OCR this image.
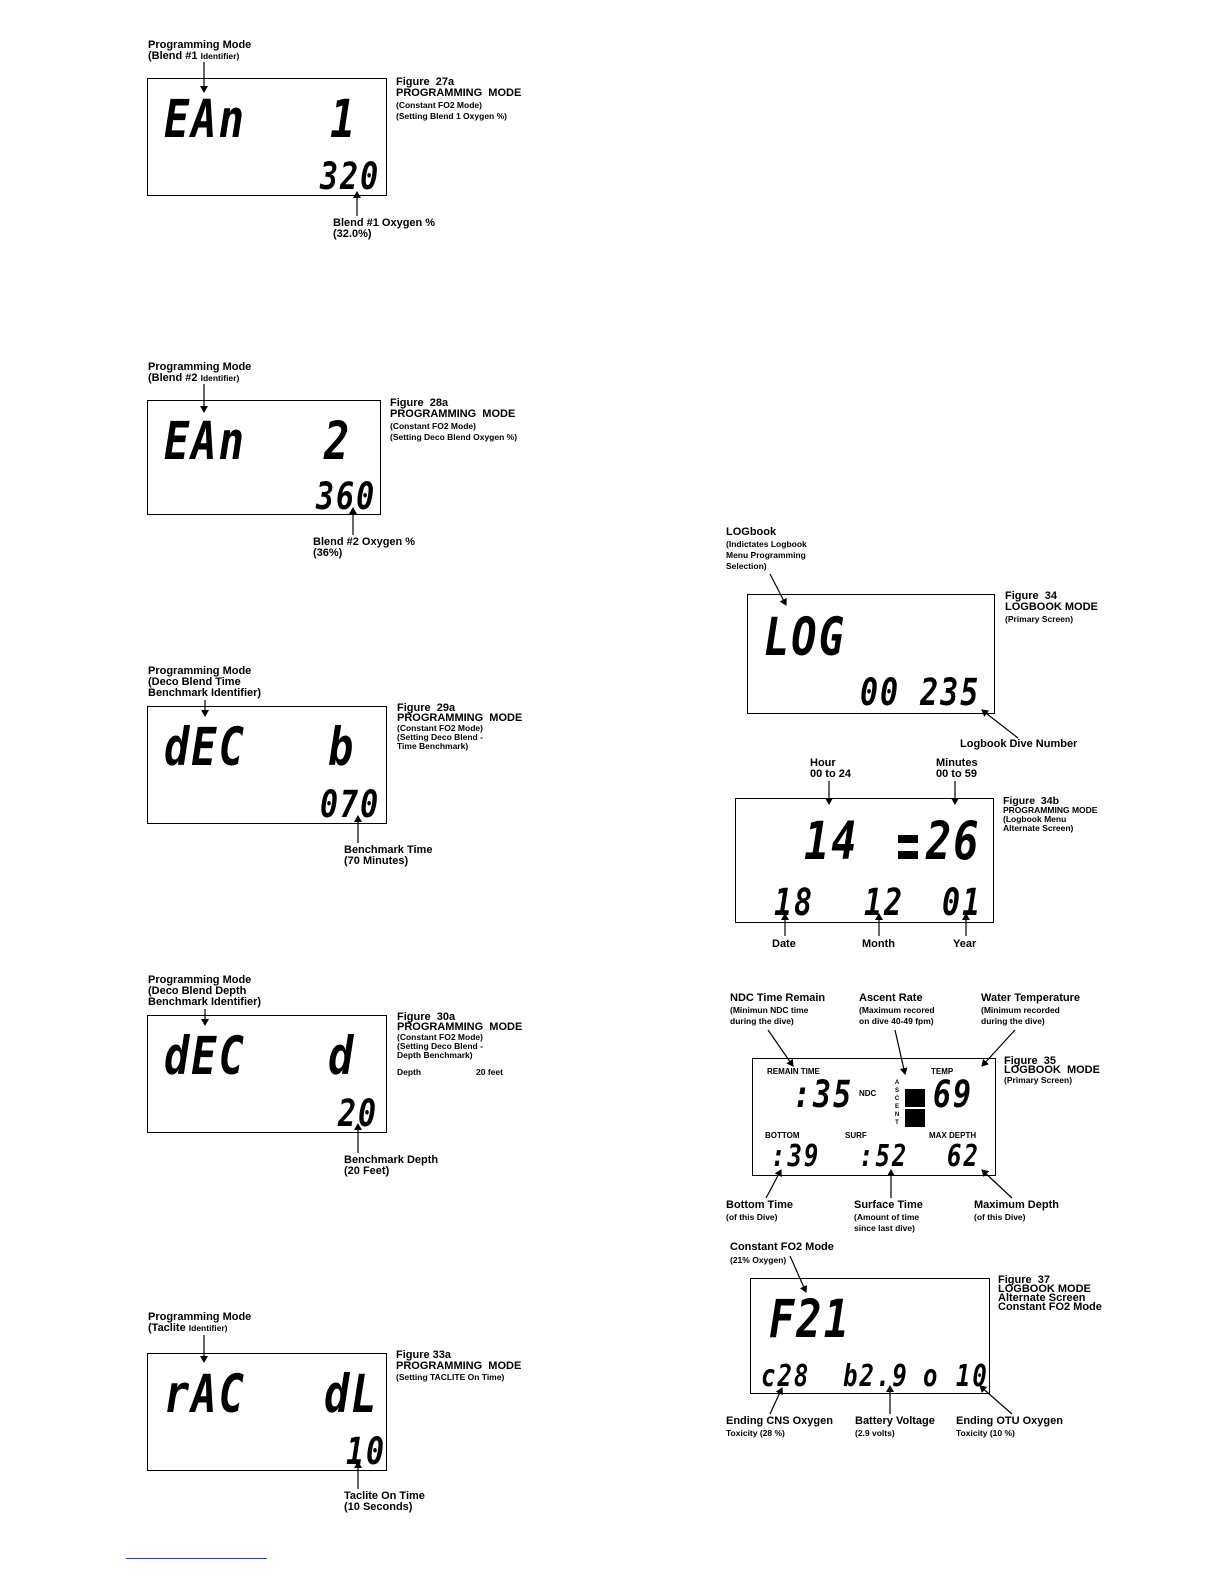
Programming Mode
(Blend #1 Identifier)
EAn 1
320
Figure  27a
PROGRAMMING  MODE
(Constant FO2 Mode)
(Setting Blend 1 Oxygen %)
Blend #1 Oxygen %
(32.0%)
Programming Mode
(Blend #2 Identifier)
EAn 2
360
Figure  28a
PROGRAMMING  MODE
(Constant FO2 Mode)
(Setting Deco Blend Oxygen %)
Blend #2 Oxygen %
(36%)
Programming Mode
(Deco Blend Time
Benchmark Identifier)
dEC b
070
Figure  29a
PROGRAMMING  MODE
(Constant FO2 Mode)
(Setting Deco Blend -
Time Benchmark)
Benchmark Time
(70 Minutes)
Programming Mode
(Deco Blend Depth
Benchmark Identifier)
dEC d
20
Figure  30a
PROGRAMMING  MODE
(Constant FO2 Mode)
(Setting Deco Blend -
Depth Benchmark)
Depth	20 feet
Benchmark Depth
(20 Feet)
Programming Mode
(Taclite Identifier)
rAC dL
10
Figure 33a
PROGRAMMING  MODE
(Setting TACLITE On Time)
Taclite On Time
(10 Seconds)
LOGbook
(Indictates Logbook
Menu Programming
Selection)
LOG
00 235
Figure  34
LOGBOOK MODE
(Primary Screen)
Logbook Dive Number
Hour
00 to 24
Minutes
00 to 59
14 26
18 12 01
Figure  34b
PROGRAMMING MODE
(Logbook Menu
Alternate Screen)
Date	Month	Year
NDC Time Remain
(Minimun NDC time
during the dive)
Ascent Rate
(Maximum recored
on dive 40-49 fpm)
Water Temperature
(Minimum recorded
during the dive)
REMAIN TIME	TEMP
:35 NDC
A
S
C
E
N
T
69
BOTTOM	SURF	MAX DEPTH
:39 :52 62
Figure  35
LOGBOOK  MODE
(Primary Screen)
Bottom Time
(of this Dive)
Surface Time
(Amount of time
since last dive)
Maximum Depth
(of this Dive)
Constant FO2 Mode
(21% Oxygen)
F21
c28 b2.9 o 10
Figure  37
LOGBOOK MODE
Alternate Screen
Constant FO2 Mode
Ending CNS Oxygen
Toxicity (28 %)
Battery Voltage
(2.9 volts)
Ending OTU Oxygen
Toxicity (10 %)
